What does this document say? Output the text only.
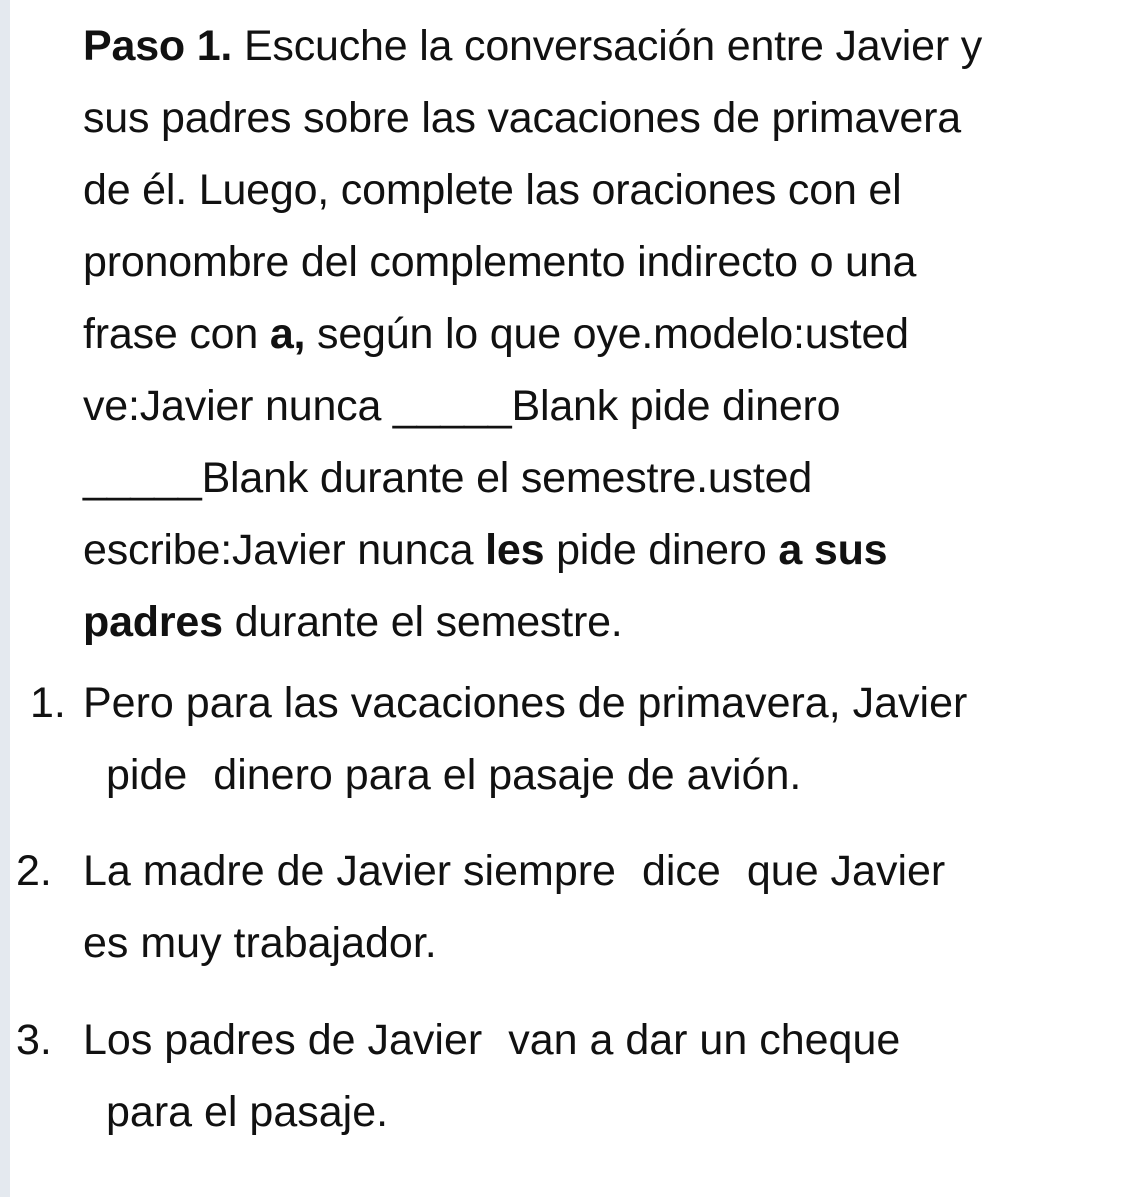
Paso 1. Escuche la conversación entre Javier y
sus padres sobre las vacaciones de primavera
de él. Luego, complete las oraciones con el
pronombre del complemento indirecto o una
frase con a, según lo que oye.modelo:usted
ve:Javier nunca _____Blank pide dinero
_____Blank durante el semestre.usted
escribe:Javier nunca les pide dinero a sus
padres durante el semestre.
1. Pero para las vacaciones de primavera, Javier
pide dinero para el pasaje de avión.
2. La madre de Javier siempre dice que Javier
es muy trabajador.
3. Los padres de Javier van a dar un cheque
para el pasaje.
